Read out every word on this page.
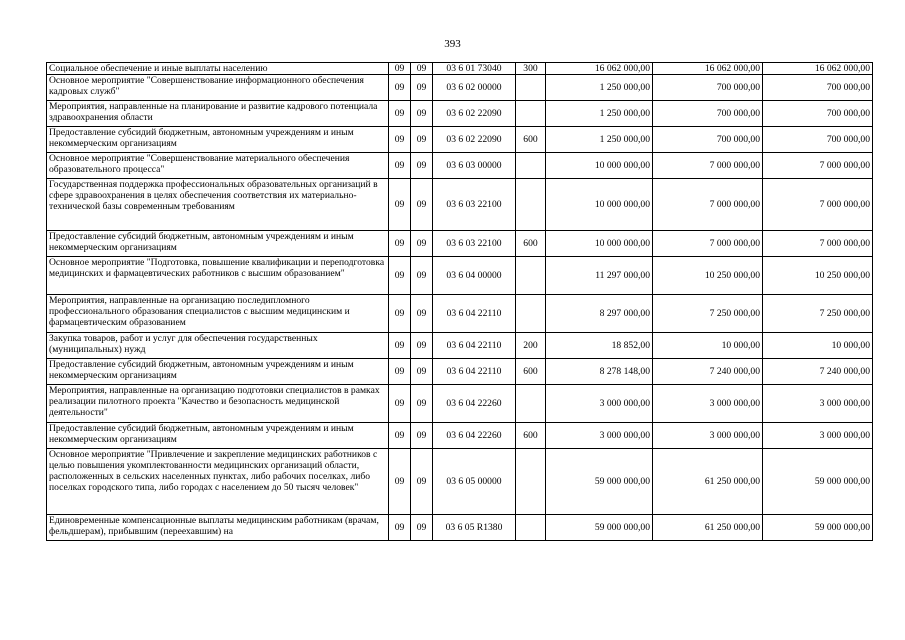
393
Социальное обеспечение и иные выплаты населению	09	09	03 6 01 73040	300	16 062 000,00	16 062 000,00	16 062 000,00
Основное мероприятие "Совершенствование информационного обеспечения кадровых служб"	09	09	03 6 02 00000		1 250 000,00	700 000,00	700 000,00
Мероприятия, направленные на планирование и развитие кадрового потенциала здравоохранения области	09	09	03 6 02 22090		1 250 000,00	700 000,00	700 000,00
Предоставление субсидий бюджетным, автономным учреждениям и иным некоммерческим организациям	09	09	03 6 02 22090	600	1 250 000,00	700 000,00	700 000,00
Основное мероприятие "Совершенствование материального обеспечения образовательного процесса"	09	09	03 6 03 00000		10 000 000,00	7 000 000,00	7 000 000,00
Государственная поддержка профессиональных образовательных организаций в сфере здравоохранения в целях обеспечения соответствия их материально-технической базы современным требованиям	09	09	03 6 03 22100		10 000 000,00	7 000 000,00	7 000 000,00
Предоставление субсидий бюджетным, автономным учреждениям и иным некоммерческим организациям	09	09	03 6 03 22100	600	10 000 000,00	7 000 000,00	7 000 000,00
Основное мероприятие "Подготовка, повышение квалификации и переподготовка медицинских и фармацевтических работников с высшим образованием"	09	09	03 6 04 00000		11 297 000,00	10 250 000,00	10 250 000,00
Мероприятия, направленные на организацию последипломного профессионального образования специалистов с высшим медицинским и фармацевтическим образованием	09	09	03 6 04 22110		8 297 000,00	7 250 000,00	7 250 000,00
Закупка товаров, работ и услуг для обеспечения государственных (муниципальных) нужд	09	09	03 6 04 22110	200	18 852,00	10 000,00	10 000,00
Предоставление субсидий бюджетным, автономным учреждениям и иным некоммерческим организациям	09	09	03 6 04 22110	600	8 278 148,00	7 240 000,00	7 240 000,00
Мероприятия, направленные на организацию подготовки специалистов в рамках реализации пилотного проекта "Качество и безопасность медицинской деятельности"	09	09	03 6 04 22260		3 000 000,00	3 000 000,00	3 000 000,00
Предоставление субсидий бюджетным, автономным учреждениям и иным некоммерческим организациям	09	09	03 6 04 22260	600	3 000 000,00	3 000 000,00	3 000 000,00
Основное мероприятие "Привлечение и закрепление медицинских работников с целью повышения укомплектованности медицинских организаций области, расположенных в сельских населенных пунктах, либо рабочих поселках, либо поселках городского типа, либо городах с населением до 50 тысяч человек"	09	09	03 6 05 00000		59 000 000,00	61 250 000,00	59 000 000,00
Единовременные компенсационные выплаты медицинским работникам (врачам, фельдшерам), прибывшим (переехавшим) на	09	09	03 6 05 R1380		59 000 000,00	61 250 000,00	59 000 000,00
